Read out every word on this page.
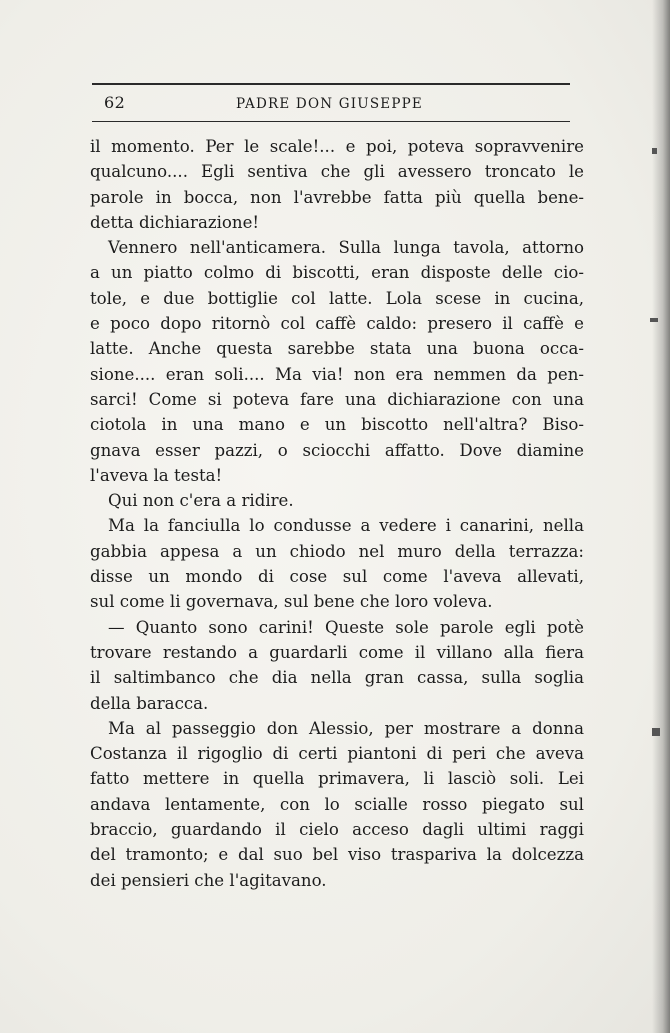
62	PADRE DON GIUSEPPE
il momento. Per le scale!... e poi, poteva sopravvenire
qualcuno.... Egli sentiva che gli avessero troncato le
parole in bocca, non l'avrebbe fatta più quella bene-
detta dichiarazione!
Vennero nell'anticamera. Sulla lunga tavola, attorno
a un piatto colmo di biscotti, eran disposte delle cio-
tole, e due bottiglie col latte. Lola scese in cucina,
e poco dopo ritornò col caffè caldo: presero il caffè e
latte. Anche questa sarebbe stata una buona occa-
sione.... eran soli.... Ma via! non era nemmen da pen-
sarci! Come si poteva fare una dichiarazione con una
ciotola in una mano e un biscotto nell'altra? Biso-
gnava esser pazzi, o sciocchi affatto. Dove diamine
l'aveva la testa!
Qui non c'era a ridire.
Ma la fanciulla lo condusse a vedere i canarini, nella
gabbia appesa a un chiodo nel muro della terrazza:
disse un mondo di cose sul come l'aveva allevati,
sul come li governava, sul bene che loro voleva.
— Quanto sono carini! Queste sole parole egli potè
trovare restando a guardarli come il villano alla fiera
il saltimbanco che dia nella gran cassa, sulla soglia
della baracca.
Ma al passeggio don Alessio, per mostrare a donna
Costanza il rigoglio di certi piantoni di peri che aveva
fatto mettere in quella primavera, li lasciò soli. Lei
andava lentamente, con lo scialle rosso piegato sul
braccio, guardando il cielo acceso dagli ultimi raggi
del tramonto; e dal suo bel viso traspariva la dolcezza
dei pensieri che l'agitavano.
